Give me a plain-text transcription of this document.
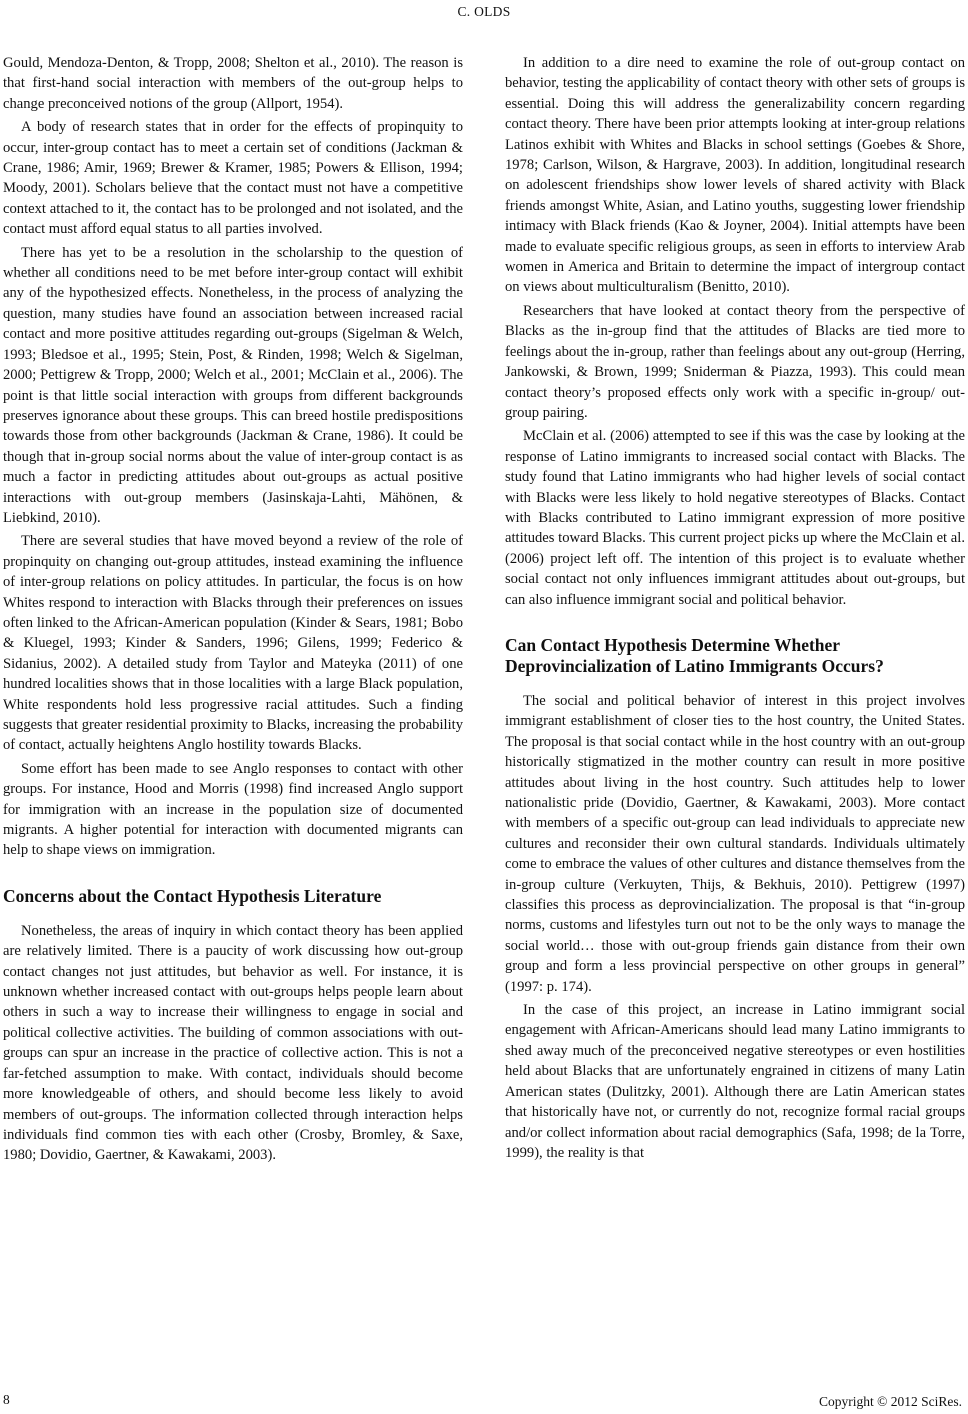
C. OLDS

Gould, Mendoza-Denton, & Tropp, 2008; Shelton et al., 2010). The reason is that first-hand social interaction with members of the out-group helps to change preconceived notions of the group (Allport, 1954).

A body of research states that in order for the effects of propinquity to occur, inter-group contact has to meet a certain set of conditions (Jackman & Crane, 1986; Amir, 1969; Brewer & Kramer, 1985; Powers & Ellison, 1994; Moody, 2001). Scholars believe that the contact must not have a competitive context attached to it, the contact has to be prolonged and not isolated, and the contact must afford equal status to all parties involved.

There has yet to be a resolution in the scholarship to the question of whether all conditions need to be met before inter-group contact will exhibit any of the hypothesized effects. Nonetheless, in the process of analyzing the question, many studies have found an association between increased racial contact and more positive attitudes regarding out-groups (Sigelman & Welch, 1993; Bledsoe et al., 1995; Stein, Post, & Rinden, 1998; Welch & Sigelman, 2000; Pettigrew & Tropp, 2000; Welch et al., 2001; McClain et al., 2006). The point is that little social interaction with groups from different backgrounds preserves ignorance about these groups. This can breed hostile predispositions towards those from other backgrounds (Jackman & Crane, 1986). It could be though that in-group social norms about the value of inter-group contact is as much a factor in predicting attitudes about out-groups as actual positive interactions with out-group members (Jasinskaja-Lahti, Mähönen, & Liebkind, 2010).

There are several studies that have moved beyond a review of the role of propinquity on changing out-group attitudes, instead examining the influence of inter-group relations on policy attitudes. In particular, the focus is on how Whites respond to interaction with Blacks through their preferences on issues often linked to the African-American population (Kinder & Sears, 1981; Bobo & Kluegel, 1993; Kinder & Sanders, 1996; Gilens, 1999; Federico & Sidanius, 2002). A detailed study from Taylor and Mateyka (2011) of one hundred localities shows that in those localities with a large Black population, White respondents hold less progressive racial attitudes. Such a finding suggests that greater residential proximity to Blacks, increasing the probability of contact, actually heightens Anglo hostility towards Blacks.

Some effort has been made to see Anglo responses to contact with other groups. For instance, Hood and Morris (1998) find increased Anglo support for immigration with an increase in the population size of documented migrants. A higher potential for interaction with documented migrants can help to shape views on immigration.

Concerns about the Contact Hypothesis Literature

Nonetheless, the areas of inquiry in which contact theory has been applied are relatively limited. There is a paucity of work discussing how out-group contact changes not just attitudes, but behavior as well. For instance, it is unknown whether increased contact with out-groups helps people learn about others in such a way to increase their willingness to engage in social and political collective activities. The building of common associations with out-groups can spur an increase in the practice of collective action. This is not a far-fetched assumption to make. With contact, individuals should become more knowledgeable of others, and should become less likely to avoid members of out-groups. The information collected through interaction helps individuals find common ties with each other (Crosby, Bromley, & Saxe, 1980; Dovidio, Gaertner, & Kawakami, 2003).

In addition to a dire need to examine the role of out-group contact on behavior, testing the applicability of contact theory with other sets of groups is essential. Doing this will address the generalizability concern regarding contact theory. There have been prior attempts looking at inter-group relations Latinos exhibit with Whites and Blacks in school settings (Goebes & Shore, 1978; Carlson, Wilson, & Hargrave, 2003). In addition, longitudinal research on adolescent friendships show lower levels of shared activity with Black friends amongst White, Asian, and Latino youths, suggesting lower friendship intimacy with Black friends (Kao & Joyner, 2004). Initial attempts have been made to evaluate specific religious groups, as seen in efforts to interview Arab women in America and Britain to determine the impact of intergroup contact on views about multiculturalism (Benitto, 2010).

Researchers that have looked at contact theory from the perspective of Blacks as the in-group find that the attitudes of Blacks are tied more to feelings about the in-group, rather than feelings about any out-group (Herring, Jankowski, & Brown, 1999; Sniderman & Piazza, 1993). This could mean contact theory’s proposed effects only work with a specific in-group/ out-group pairing.

McClain et al. (2006) attempted to see if this was the case by looking at the response of Latino immigrants to increased social contact with Blacks. The study found that Latino immigrants who had higher levels of social contact with Blacks were less likely to hold negative stereotypes of Blacks. Contact with Blacks contributed to Latino immigrant expression of more positive attitudes toward Blacks. This current project picks up where the McClain et al. (2006) project left off. The intention of this project is to evaluate whether social contact not only influences immigrant attitudes about out-groups, but can also influence immigrant social and political behavior.

Can Contact Hypothesis Determine Whether Deprovincialization of Latino Immigrants Occurs?

The social and political behavior of interest in this project involves immigrant establishment of closer ties to the host country, the United States. The proposal is that social contact while in the host country with an out-group historically stigmatized in the mother country can result in more positive attitudes about living in the host country. Such attitudes help to lower nationalistic pride (Dovidio, Gaertner, & Kawakami, 2003). More contact with members of a specific out-group can lead individuals to appreciate new cultures and reconsider their own cultural standards. Individuals ultimately come to embrace the values of other cultures and distance themselves from the in-group culture (Verkuyten, Thijs, & Bekhuis, 2010). Pettigrew (1997) classifies this process as deprovincialization. The proposal is that “in-group norms, customs and lifestyles turn out not to be the only ways to manage the social world… those with out-group friends gain distance from their own group and form a less provincial perspective on other groups in general” (1997: p. 174).

In the case of this project, an increase in Latino immigrant social engagement with African-Americans should lead many Latino immigrants to shed away much of the preconceived negative stereotypes or even hostilities held about Blacks that are unfortunately engrained in citizens of many Latin American states (Dulitzky, 2001). Although there are Latin American states that historically have not, or currently do not, recognize formal racial groups and/or collect information about racial demographics (Safa, 1998; de la Torre, 1999), the reality is that

8	Copyright © 2012 SciRes.
